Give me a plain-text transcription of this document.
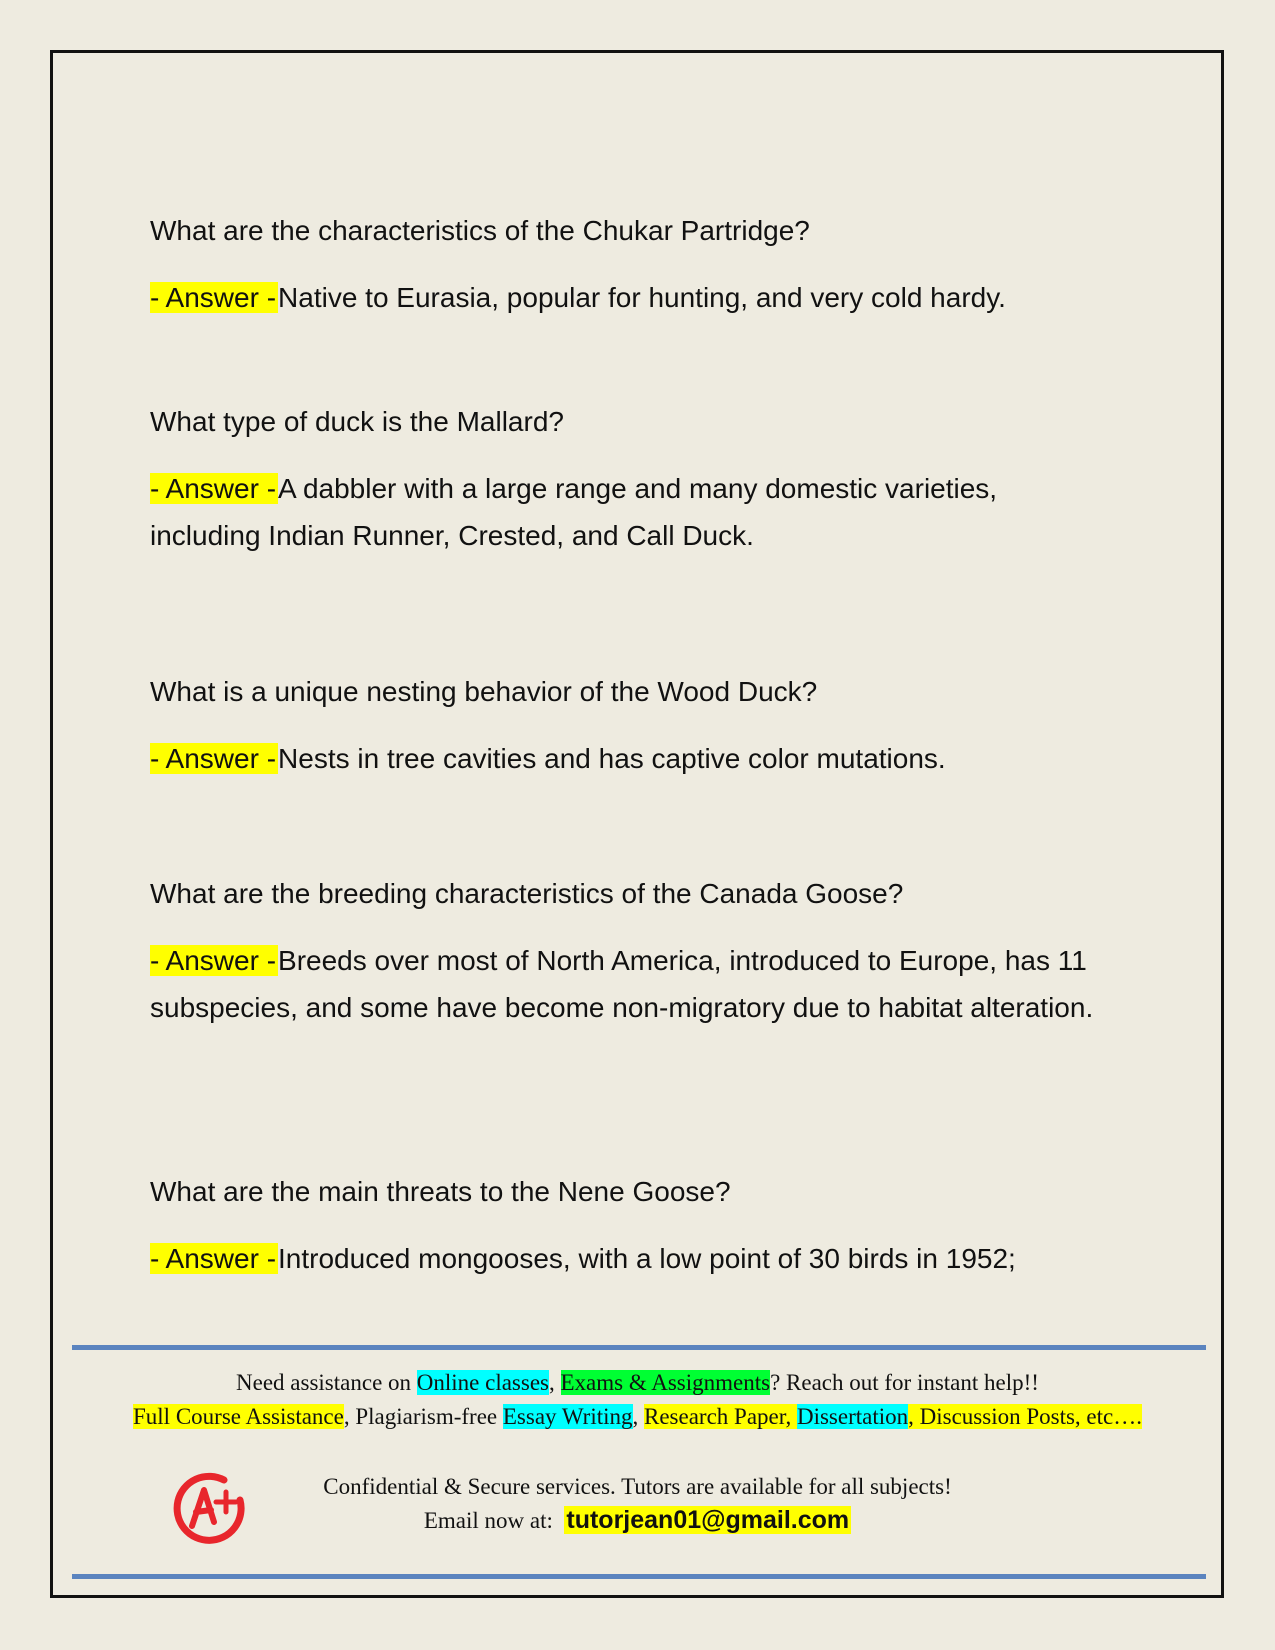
What are the characteristics of the Chukar Partridge?

- Answer -Native to Eurasia, popular for hunting, and very cold hardy.

What type of duck is the Mallard?

- Answer -A dabbler with a large range and many domestic varieties, including Indian Runner, Crested, and Call Duck.

What is a unique nesting behavior of the Wood Duck?

- Answer -Nests in tree cavities and has captive color mutations.

What are the breeding characteristics of the Canada Goose?

- Answer -Breeds over most of North America, introduced to Europe, has 11 subspecies, and some have become non-migratory due to habitat alteration.

What are the main threats to the Nene Goose?

- Answer -Introduced mongooses, with a low point of 30 birds in 1952;

Need assistance on Online classes, Exams & Assignments? Reach out for instant help!!
Full Course Assistance, Plagiarism-free Essay Writing, Research Paper, Dissertation, Discussion Posts, etc….
Confidential & Secure services. Tutors are available for all subjects!
Email now at: tutorjean01@gmail.com
